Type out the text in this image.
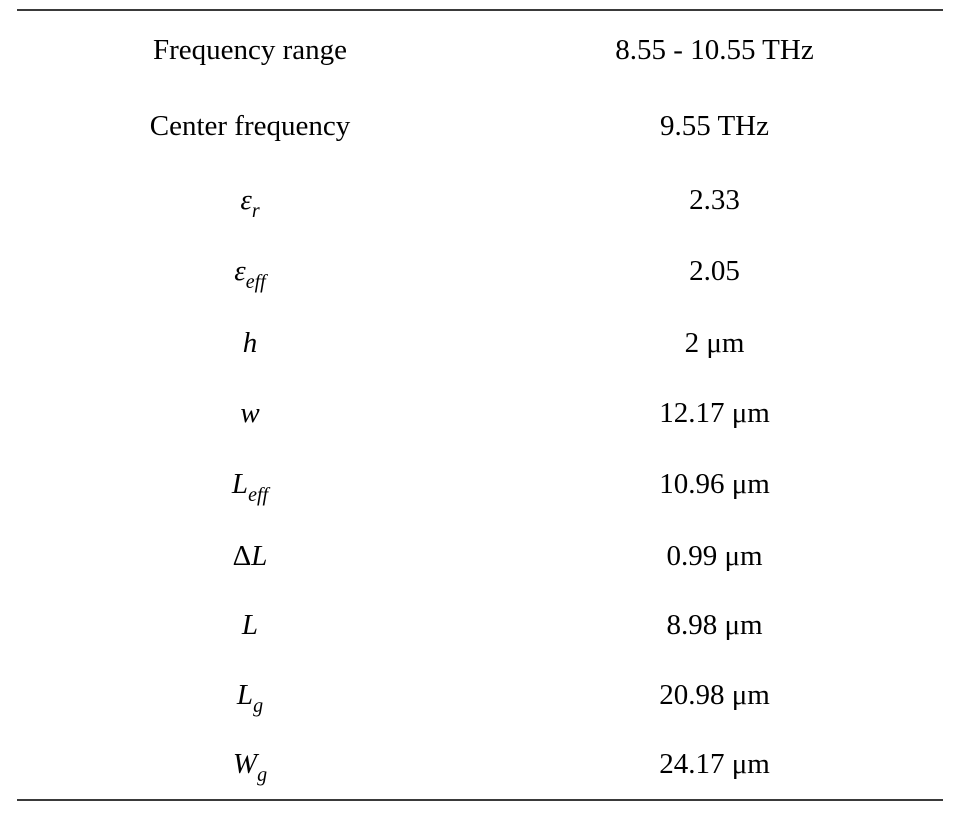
Frequency range	8.55 - 10.55 THz
Center frequency	9.55 THz
$\varepsilon_r$	2.33
$\varepsilon_{eff}$	2.05
h	2 μm
w	12.17 μm
$L_{eff}$	10.96 μm
ΔL	0.99 μm
L	8.98 μm
$L_g$	20.98 μm
$W_g$	24.17 μm
